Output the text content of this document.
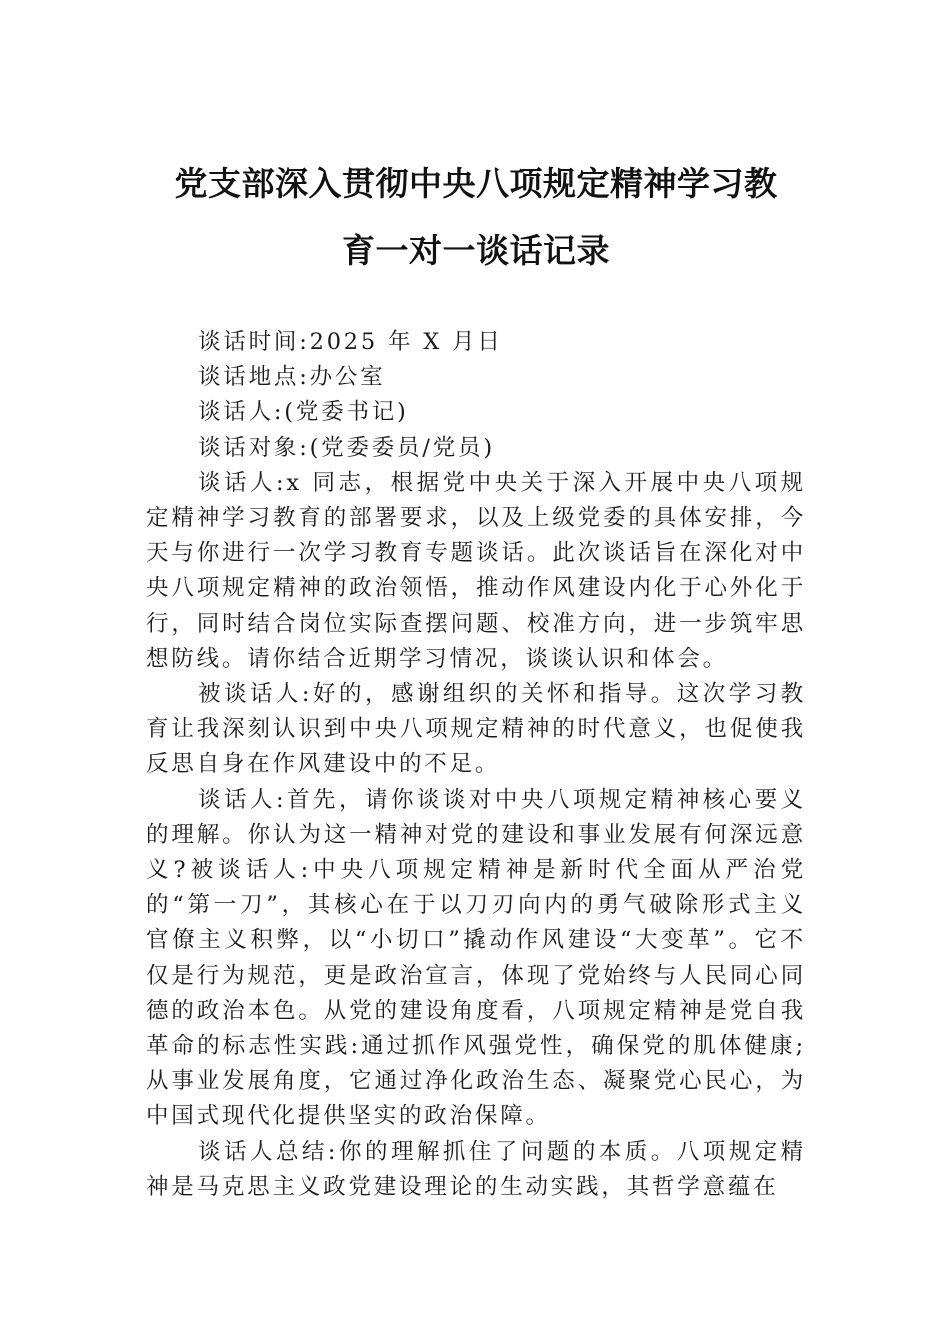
党支部深入贯彻中央八项规定精神学习教
育一对一谈话记录

谈话时间:2025 年 X 月日

谈话地点:办公室

谈话人:(党委书记)

谈话对象:(党委委员/党员)

谈话人:x 同志，根据党中央关于深入开展中央八项规定精神学习教育的部署要求，以及上级党委的具体安排，今天与你进行一次学习教育专题谈话。此次谈话旨在深化对中央八项规定精神的政治领悟，推动作风建设内化于心外化于行，同时结合岗位实际查摆问题、校准方向，进一步筑牢思想防线。请你结合近期学习情况，谈谈认识和体会。

被谈话人:好的，感谢组织的关怀和指导。这次学习教育让我深刻认识到中央八项规定精神的时代意义，也促使我反思自身在作风建设中的不足。

谈话人:首先，请你谈谈对中央八项规定精神核心要义的理解。你认为这一精神对党的建设和事业发展有何深远意义?被谈话人:中央八项规定精神是新时代全面从严治党的“第一刀”，其核心在于以刀刃向内的勇气破除形式主义官僚主义积弊，以“小切口”撬动作风建设“大变革”。它不仅是行为规范，更是政治宣言，体现了党始终与人民同心同德的政治本色。从党的建设角度看，八项规定精神是党自我革命的标志性实践:通过抓作风强党性，确保党的肌体健康;从事业发展角度，它通过净化政治生态、凝聚党心民心，为中国式现代化提供坚实的政治保障。

谈话人总结:你的理解抓住了问题的本质。八项规定精神是马克思主义政党建设理论的生动实践，其哲学意蕴在
